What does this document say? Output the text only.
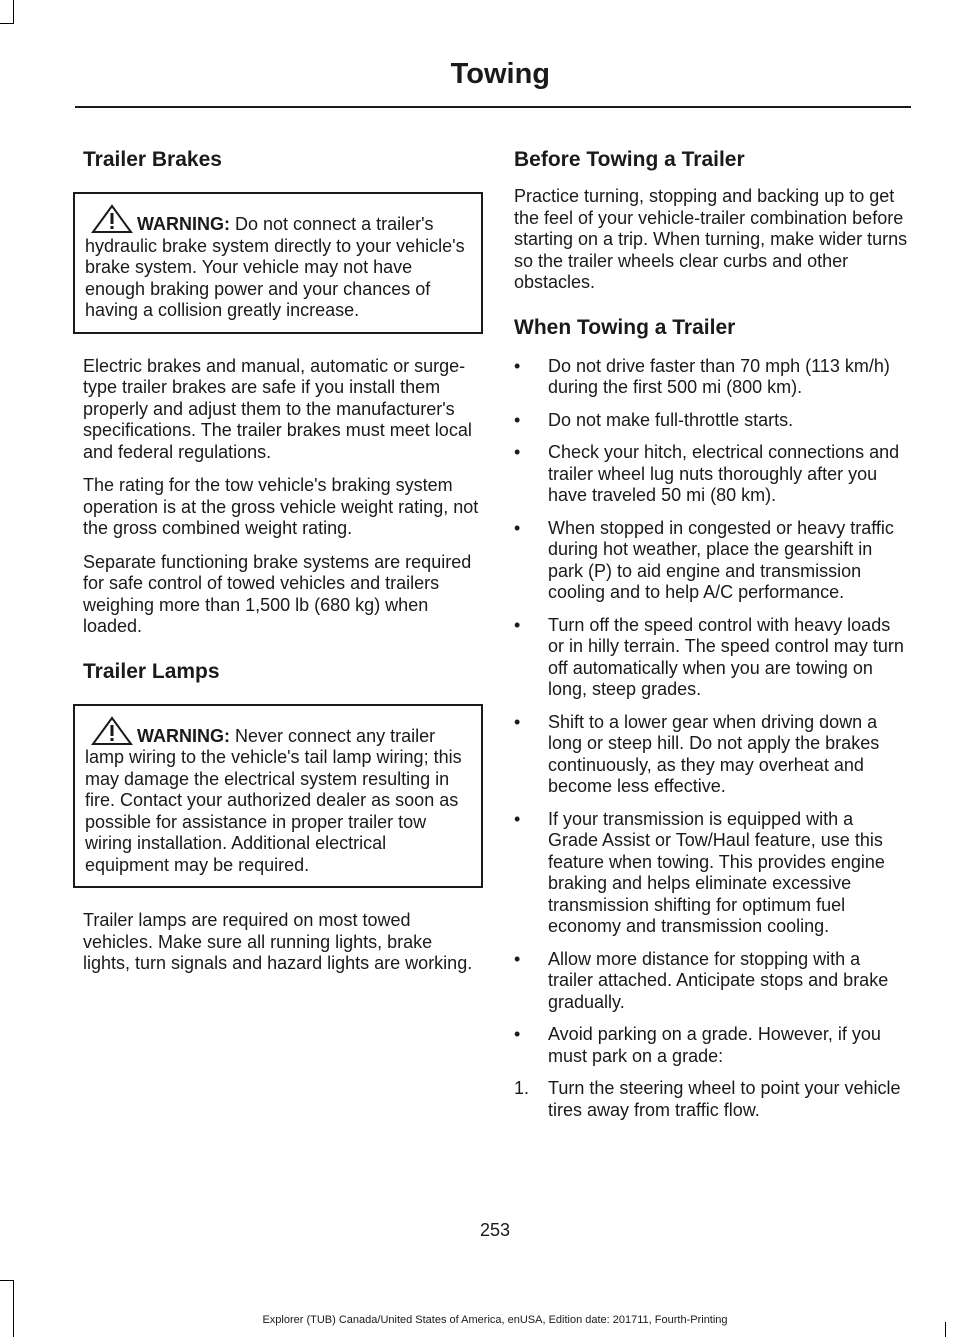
Towing
Trailer Brakes
WARNING: Do not connect a trailer's hydraulic brake system directly to your vehicle's brake system. Your vehicle may not have enough braking power and your chances of having a collision greatly increase.

Electric brakes and manual, automatic or surge-type trailer brakes are safe if you install them properly and adjust them to the manufacturer's specifications. The trailer brakes must meet local and federal regulations.

The rating for the tow vehicle's braking system operation is at the gross vehicle weight rating, not the gross combined weight rating.

Separate functioning brake systems are required for safe control of towed vehicles and trailers weighing more than 1,500 lb (680 kg) when loaded.

Trailer Lamps
WARNING: Never connect any trailer lamp wiring to the vehicle's tail lamp wiring; this may damage the electrical system resulting in fire. Contact your authorized dealer as soon as possible for assistance in proper trailer tow wiring installation. Additional electrical equipment may be required.

Trailer lamps are required on most towed vehicles. Make sure all running lights, brake lights, turn signals and hazard lights are working.

Before Towing a Trailer

Practice turning, stopping and backing up to get the feel of your vehicle-trailer combination before starting on a trip. When turning, make wider turns so the trailer wheels clear curbs and other obstacles.

When Towing a Trailer
• Do not drive faster than 70 mph (113 km/h) during the first 500 mi (800 km).
• Do not make full-throttle starts.
• Check your hitch, electrical connections and trailer wheel lug nuts thoroughly after you have traveled 50 mi (80 km).
• When stopped in congested or heavy traffic during hot weather, place the gearshift in park (P) to aid engine and transmission cooling and to help A/C performance.
• Turn off the speed control with heavy loads or in hilly terrain. The speed control may turn off automatically when you are towing on long, steep grades.
• Shift to a lower gear when driving down a long or steep hill. Do not apply the brakes continuously, as they may overheat and become less effective.
• If your transmission is equipped with a Grade Assist or Tow/Haul feature, use this feature when towing. This provides engine braking and helps eliminate excessive transmission shifting for optimum fuel economy and transmission cooling.
• Allow more distance for stopping with a trailer attached. Anticipate stops and brake gradually.
• Avoid parking on a grade. However, if you must park on a grade:
1. Turn the steering wheel to point your vehicle tires away from traffic flow.
253
Explorer (TUB) Canada/United States of America, enUSA, Edition date: 201711, Fourth-Printing
